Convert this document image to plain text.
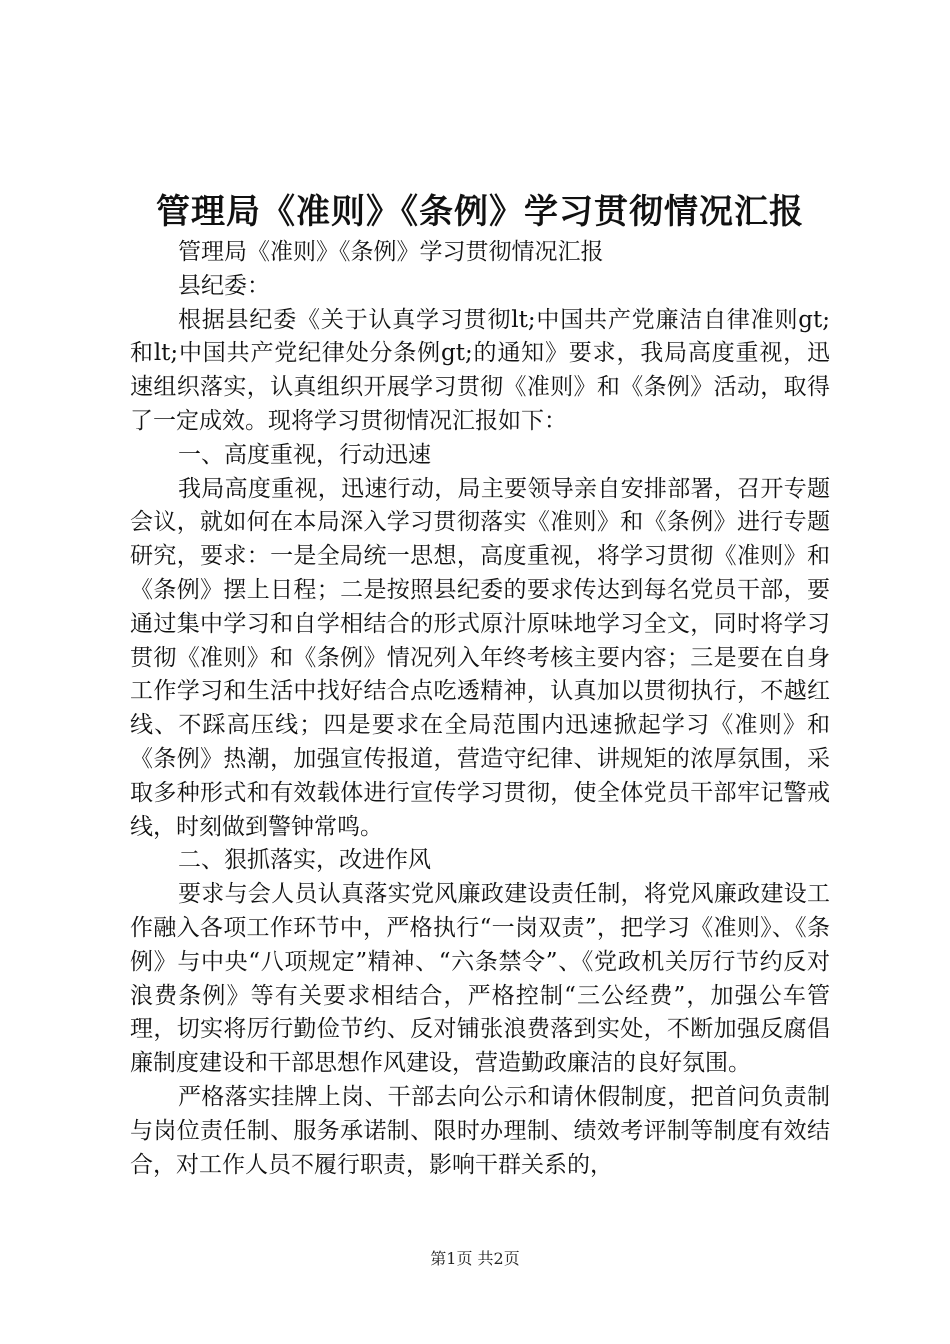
管理局《准则》《条例》学习贯彻情况汇报

管理局《准则》《条例》学习贯彻情况汇报

县纪委：

根据县纪委《关于认真学习贯彻lt;中国共产党廉洁自律准则gt;和lt;中国共产党纪律处分条例gt;的通知》要求，我局高度重视，迅速组织落实，认真组织开展学习贯彻《准则》和《条例》活动，取得了一定成效。现将学习贯彻情况汇报如下：

一、高度重视，行动迅速

我局高度重视，迅速行动，局主要领导亲自安排部署，召开专题会议，就如何在本局深入学习贯彻落实《准则》和《条例》进行专题研究，要求：一是全局统一思想，高度重视，将学习贯彻《准则》和《条例》摆上日程；二是按照县纪委的要求传达到每名党员干部，要通过集中学习和自学相结合的形式原汁原味地学习全文，同时将学习贯彻《准则》和《条例》情况列入年终考核主要内容；三是要在自身工作学习和生活中找好结合点吃透精神，认真加以贯彻执行，不越红线、不踩高压线；四是要求在全局范围内迅速掀起学习《准则》和《条例》热潮，加强宣传报道，营造守纪律、讲规矩的浓厚氛围，采取多种形式和有效载体进行宣传学习贯彻，使全体党员干部牢记警戒线，时刻做到警钟常鸣。

二、狠抓落实，改进作风

要求与会人员认真落实党风廉政建设责任制，将党风廉政建设工作融入各项工作环节中，严格执行“一岗双责”，把学习《准则》、《条例》与中央“八项规定”精神、“六条禁令”、《党政机关厉行节约反对浪费条例》等有关要求相结合，严格控制“三公经费”，加强公车管理，切实将厉行勤俭节约、反对铺张浪费落到实处，不断加强反腐倡廉制度建设和干部思想作风建设，营造勤政廉洁的良好氛围。

严格落实挂牌上岗、干部去向公示和请休假制度，把首问负责制与岗位责任制、服务承诺制、限时办理制、绩效考评制等制度有效结合，对工作人员不履行职责，影响干群关系的，

第1页 共2页
